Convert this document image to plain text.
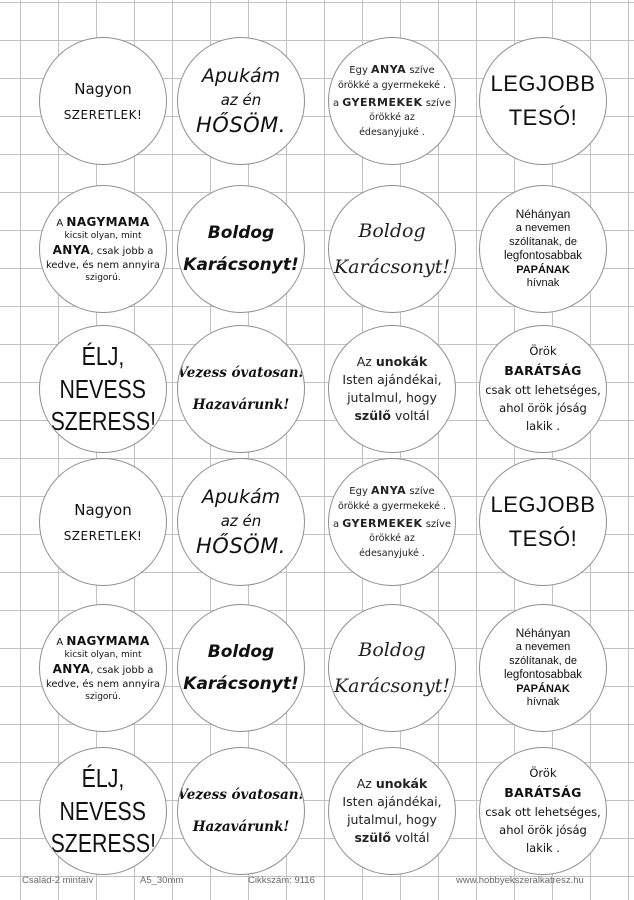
Nagyon
SZERETLEK!
Apukám
az én
HŐSÖM.
Egy ANYA szíve
örökké a gyermekeké .
a GYERMEKEK szíve
örökké az
édesanyjuké .
LEGJOBB
TESÓ!
A NAGYMAMA
kicsit olyan, mint
ANYA, csak jobb a
kedve, és nem annyira
szigorú.
Boldog
Karácsonyt!
Boldog
Karácsonyt!
Néhányan
a nevemen
szólítanak, de
legfontosabbak
PAPÁNAK
hívnak
ÉLJ,
NEVESS
SZERESS!
Vezess óvatosan!
Hazavárunk!
Az unokák
Isten ajándékai,
jutalmul, hogy
szülő voltál
Örök
BARÁTSÁG
csak ott lehetséges,
ahol örök jóság
lakik .
Nagyon
SZERETLEK!
Apukám
az én
HŐSÖM.
Egy ANYA szíve
örökké a gyermekeké .
a GYERMEKEK szíve
örökké az
édesanyjuké .
LEGJOBB
TESÓ!
A NAGYMAMA
kicsit olyan, mint
ANYA, csak jobb a
kedve, és nem annyira
szigorú.
Boldog
Karácsonyt!
Boldog
Karácsonyt!
Néhányan
a nevemen
szólítanak, de
legfontosabbak
PAPÁNAK
hívnak
ÉLJ,
NEVESS
SZERESS!
Vezess óvatosan!
Hazavárunk!
Az unokák
Isten ajándékai,
jutalmul, hogy
szülő voltál
Örök
BARÁTSÁG
csak ott lehetséges,
ahol örök jóság
lakik .
Család-2 mintaív	A5_30mm	Cikkszám: 9116	www.hobbyekszeralkatresz.hu
